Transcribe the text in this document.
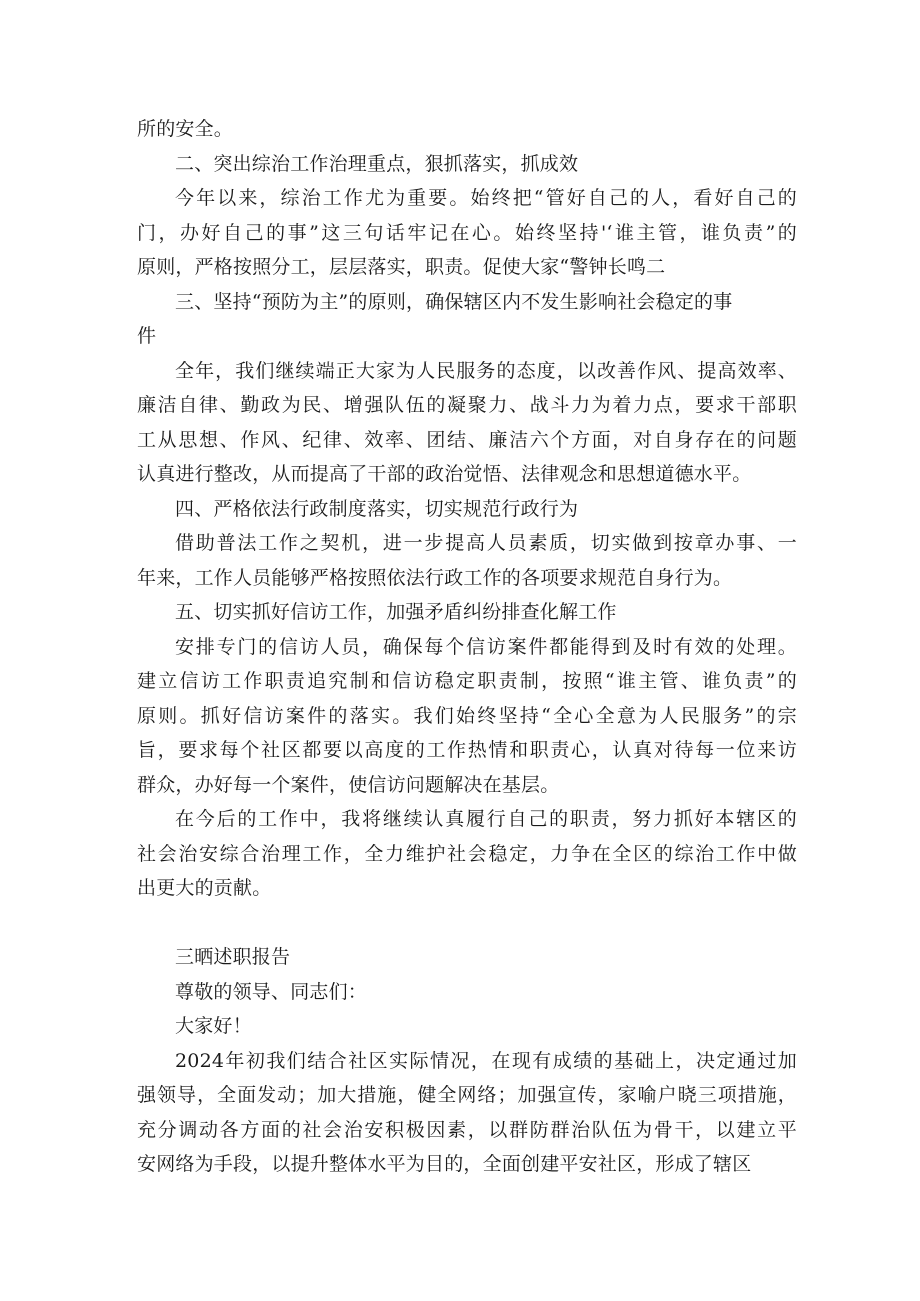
所的安全。
二、突出综治工作治理重点，狠抓落实，抓成效
今年以来，综治工作尤为重要。始终把“管好自己的人，看好自己的
门，办好自己的事”这三句话牢记在心。始终坚持'‘谁主管，谁负责”的
原则，严格按照分工，层层落实，职责。促使大家“警钟长鸣二
三、坚持“预防为主”的原则，确保辖区内不发生影响社会稳定的事
件
全年，我们继续端正大家为人民服务的态度，以改善作风、提高效率、
廉洁自律、勤政为民、增强队伍的凝聚力、战斗力为着力点，要求干部职
工从思想、作风、纪律、效率、团结、廉洁六个方面，对自身存在的问题
认真进行整改，从而提高了干部的政治觉悟、法律观念和思想道德水平。
四、严格依法行政制度落实，切实规范行政行为
借助普法工作之契机，进一步提高人员素质，切实做到按章办事、一
年来，工作人员能够严格按照依法行政工作的各项要求规范自身行为。
五、切实抓好信访工作，加强矛盾纠纷排查化解工作
安排专门的信访人员，确保每个信访案件都能得到及时有效的处理。
建立信访工作职责追究制和信访稳定职责制，按照“谁主管、谁负责”的
原则。抓好信访案件的落实。我们始终坚持“全心全意为人民服务”的宗
旨，要求每个社区都要以高度的工作热情和职责心，认真对待每一位来访
群众，办好每一个案件，使信访问题解决在基层。
在今后的工作中，我将继续认真履行自己的职责，努力抓好本辖区的
社会治安综合治理工作，全力维护社会稳定，力争在全区的综治工作中做
出更大的贡献。
三晒述职报告
尊敬的领导、同志们：
大家好！
2024年初我们结合社区实际情况，在现有成绩的基础上，决定通过加
强领导，全面发动；加大措施，健全网络；加强宣传，家喻户晓三项措施，
充分调动各方面的社会治安积极因素，以群防群治队伍为骨干，以建立平
安网络为手段，以提升整体水平为目的，全面创建平安社区，形成了辖区
